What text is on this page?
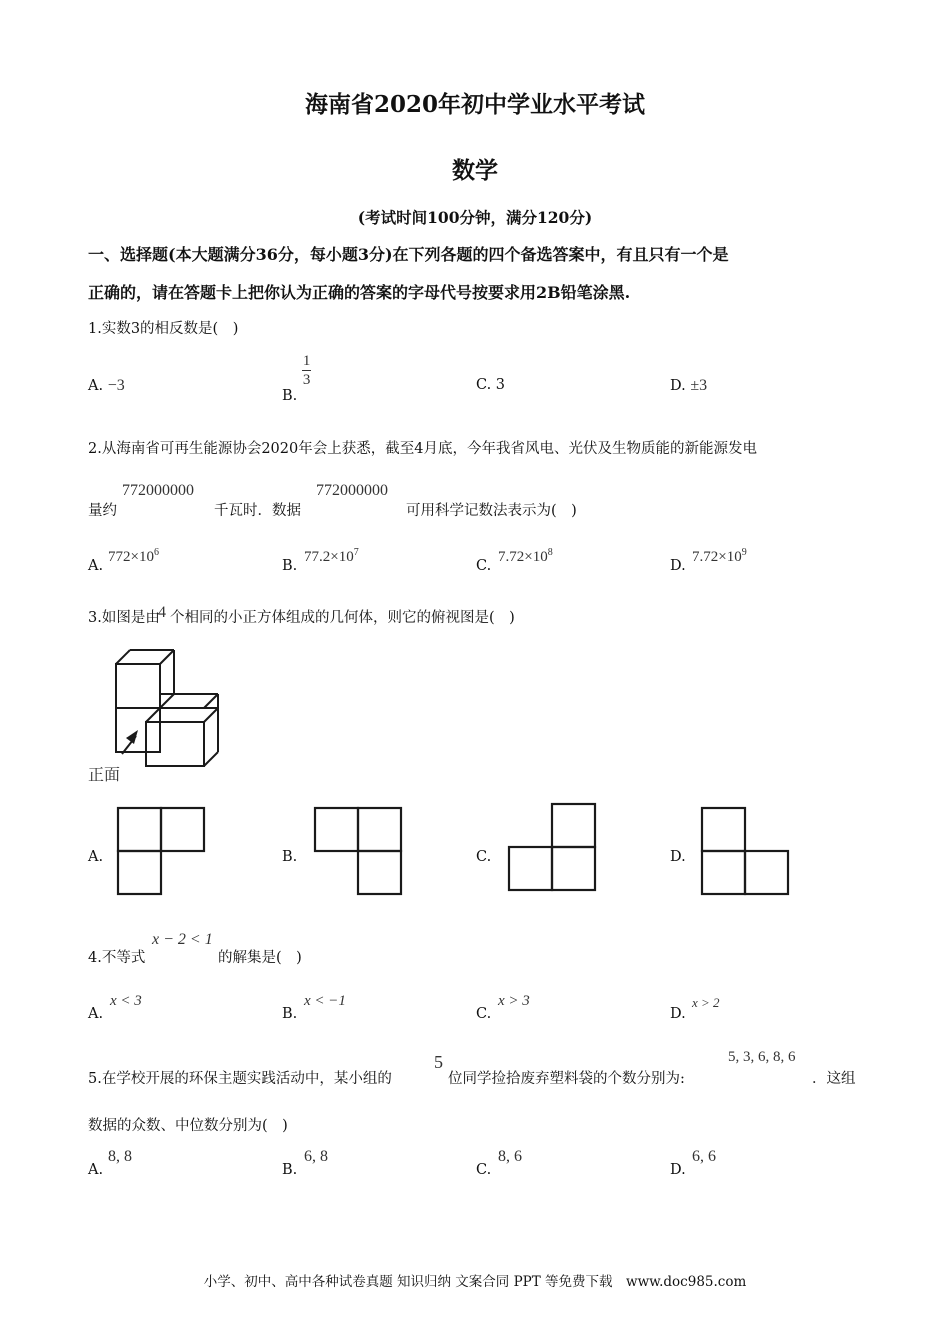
海南省2020年初中学业水平考试
数学
(考试时间100分钟，满分120分)
一、选择题(本大题满分36分，每小题3分)在下列各题的四个备选答案中，有且只有一个是
正确的，请在答题卡上把你认为正确的答案的字母代号按要求用2B铅笔涂黑.
1.实数3的相反数是(　)
A. −3
B.
$\frac{1}{3}$	C. 3	D. ±3
2.从海南省可再生能源协会2020年会上获悉，截至4月底，今年我省风电、光伏及生物质能的新能源发电
量约
772000000
千瓦时．数据
772000000
可用科学记数法表示为(　)
A.
$772\times 10^6$
B.
$77.2\times 10^7$
C.
$7.72\times 10^8$
D.
$7.72\times 10^9$
3.如图是由
4 个相同的小正方体组成的几何体，则它的俯视图是(　)
正面
A.	B.	C.	D.
4.不等式
x − 2 < 1
的解集是(　)
A.
x < 3
B.
x < −1
C.
x > 3
D.
x > 2
5.在学校开展的环保主题实践活动中，某小组的
5
位同学捡拾废弃塑料袋的个数分别为:
5, 3, 6, 8, 6
．这组
数据的众数、中位数分别为(　)
A.
8, 8
B.
6, 8
C.
8, 6
D.
6, 6
小学、初中、高中各种试卷真题 知识归纳 文案合同 PPT 等免费下载　www.doc985.com
